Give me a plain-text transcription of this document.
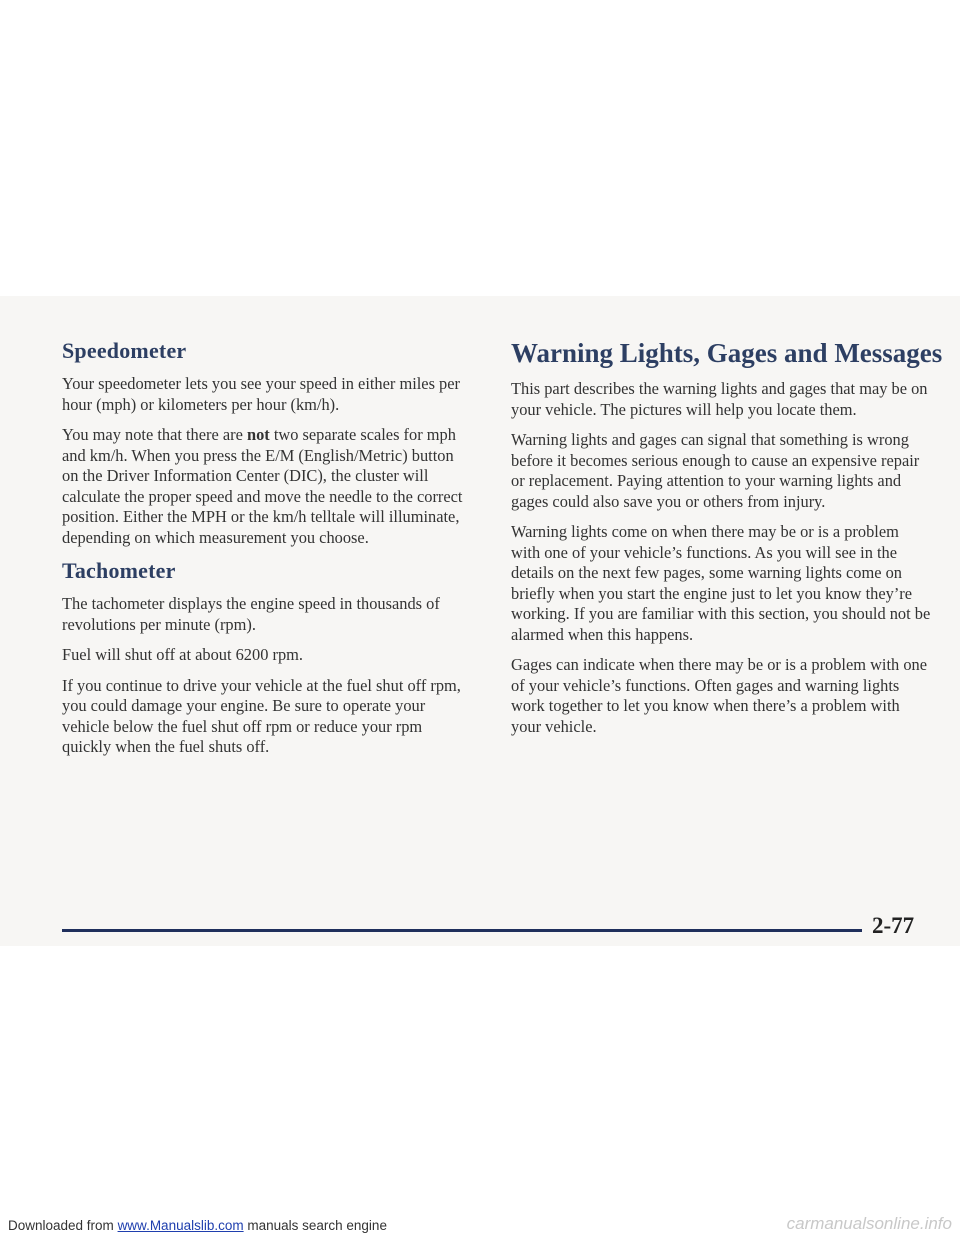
Speedometer

Your speedometer lets you see your speed in either miles per hour (mph) or kilometers per hour (km/h).

You may note that there are not two separate scales for mph and km/h. When you press the E/M (English/Metric) button on the Driver Information Center (DIC), the cluster will calculate the proper speed and move the needle to the correct position. Either the MPH or the km/h telltale will illuminate, depending on which measurement you choose.

Tachometer

The tachometer displays the engine speed in thousands of revolutions per minute (rpm).

Fuel will shut off at about 6200 rpm.

If you continue to drive your vehicle at the fuel shut off rpm, you could damage your engine. Be sure to operate your vehicle below the fuel shut off rpm or reduce your rpm quickly when the fuel shuts off.

Warning Lights, Gages and Messages

This part describes the warning lights and gages that may be on your vehicle. The pictures will help you locate them.

Warning lights and gages can signal that something is wrong before it becomes serious enough to cause an expensive repair or replacement. Paying attention to your warning lights and gages could also save you or others from injury.

Warning lights come on when there may be or is a problem with one of your vehicle’s functions. As you will see in the details on the next few pages, some warning lights come on briefly when you start the engine just to let you know they’re working. If you are familiar with this section, you should not be alarmed when this happens.

Gages can indicate when there may be or is a problem with one of your vehicle’s functions. Often gages and warning lights work together to let you know when there’s a problem with your vehicle.

2-77
Downloaded from www.Manualslib.com manuals search engine	carmanualsonline.info
